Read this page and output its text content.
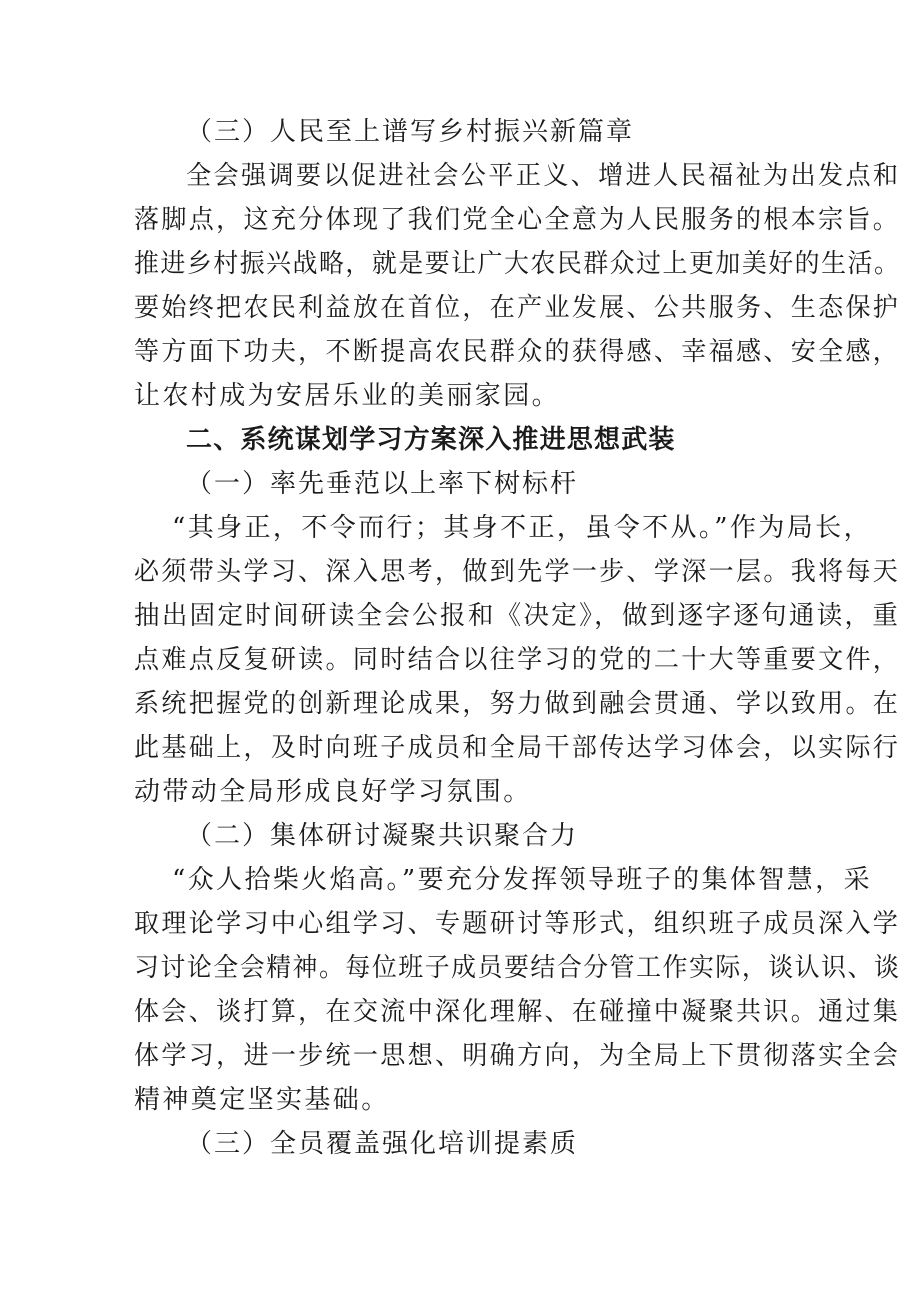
（三）人民至上谱写乡村振兴新篇章
全会强调要以促进社会公平正义、增进人民福祉为出发点和
落脚点，这充分体现了我们党全心全意为人民服务的根本宗旨。
推进乡村振兴战略，就是要让广大农民群众过上更加美好的生活。
要始终把农民利益放在首位，在产业发展、公共服务、生态保护
等方面下功夫，不断提高农民群众的获得感、幸福感、安全感，
让农村成为安居乐业的美丽家园。
二、系统谋划学习方案深入推进思想武装
（一）率先垂范以上率下树标杆
“其身正，不令而行；其身不正，虽令不从。”作为局长，
必须带头学习、深入思考，做到先学一步、学深一层。我将每天
抽出固定时间研读全会公报和《决定》，做到逐字逐句通读，重
点难点反复研读。同时结合以往学习的党的二十大等重要文件，
系统把握党的创新理论成果，努力做到融会贯通、学以致用。在
此基础上，及时向班子成员和全局干部传达学习体会，以实际行
动带动全局形成良好学习氛围。
（二）集体研讨凝聚共识聚合力
“众人拾柴火焰高。”要充分发挥领导班子的集体智慧，采
取理论学习中心组学习、专题研讨等形式，组织班子成员深入学
习讨论全会精神。每位班子成员要结合分管工作实际，谈认识、谈
体会、谈打算，在交流中深化理解、在碰撞中凝聚共识。通过集
体学习，进一步统一思想、明确方向，为全局上下贯彻落实全会
精神奠定坚实基础。
（三）全员覆盖强化培训提素质
